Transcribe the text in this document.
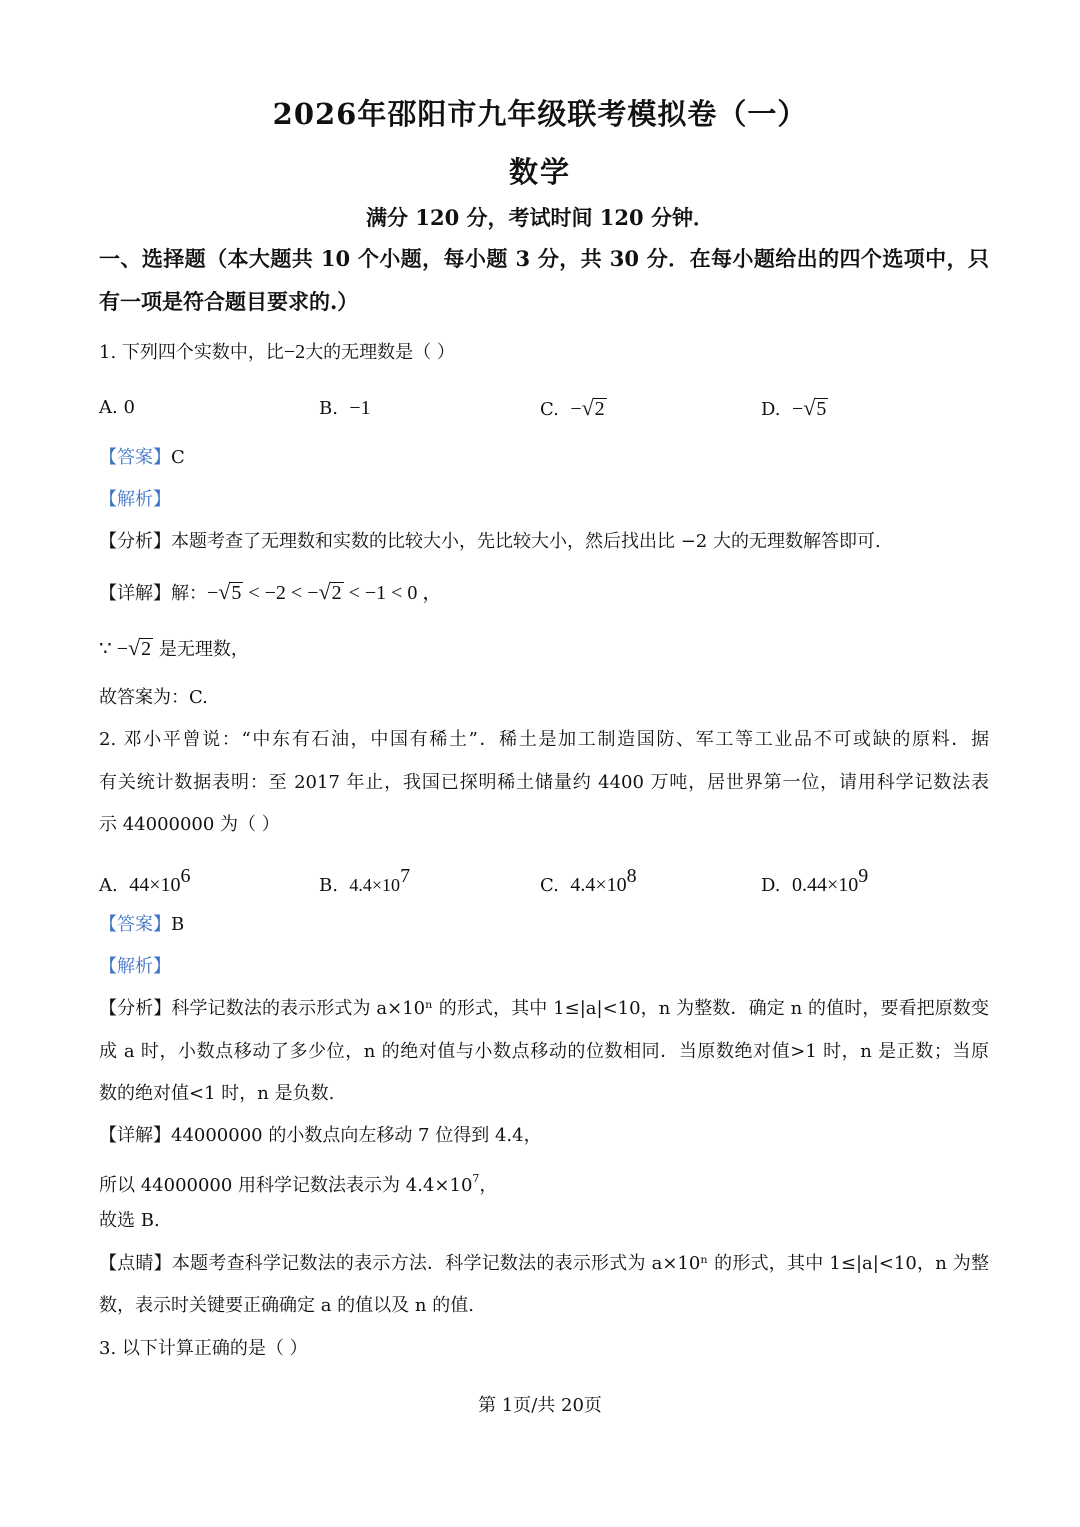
2026年邵阳市九年级联考模拟卷（一）
数学
满分 120 分，考试时间 120 分钟．
一、选择题（本大题共 10 个小题，每小题 3 分，共 30 分．在每小题给出的四个选项中，只
有一项是符合题目要求的.）
1. 下列四个实数中，比−2大的无理数是（ ）
A. 0	B. −1	C. −√2	D. −√5
【答案】C
【解析】
【分析】本题考查了无理数和实数的比较大小，先比较大小，然后找出比 −2 大的无理数解答即可.
【详解】解：−√5 < −2 < −√2 < −1 < 0 ，
∵ −√2 是无理数，
故答案为：C.
2. 邓小平曾说：“中东有石油，中国有稀土”．稀土是加工制造国防、军工等工业品不可或缺的原料．据
有关统计数据表明：至 2017 年止，我国已探明稀土储量约 4400 万吨，居世界第一位，请用科学记数法表
示 44000000 为（ ）
A. $44\times 10^6$	B. $4.4\times 10^7$	C. $4.4\times 10^8$	D. $0.44\times 10^9$
【答案】B
【解析】
【分析】科学记数法的表示形式为 a×10ⁿ 的形式，其中 1≤|a|<10，n 为整数．确定 n 的值时，要看把原数变
成 a 时，小数点移动了多少位，n 的绝对值与小数点移动的位数相同．当原数绝对值>1 时，n 是正数；当原
数的绝对值<1 时，n 是负数.
【详解】44000000 的小数点向左移动 7 位得到 4.4，
所以 44000000 用科学记数法表示为 $4.4\times 10^7$，
故选 B.
【点睛】本题考查科学记数法的表示方法．科学记数法的表示形式为 a×10ⁿ 的形式，其中 1≤|a|<10，n 为整
数，表示时关键要正确确定 a 的值以及 n 的值.
3. 以下计算正确的是（ ）
第 1页/共 20页
